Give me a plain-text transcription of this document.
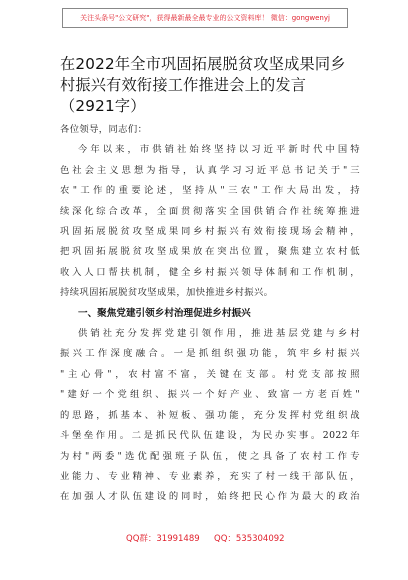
关注头条号"公文研究"，获得最新最全最专业的公文资料库！ 微信：gongwenyj
在2022年全市巩固拓展脱贫攻坚成果同乡
村振兴有效衔接工作推进会上的发言
（2921字）
各位领导，同志们：
今年以来，市供销社始终坚持以习近平新时代中国特
色社会主义思想为指导，认真学习习近平总书记关于"三
农"工作的重要论述，坚持从"三农"工作大局出发，持
续深化综合改革，全面贯彻落实全国供销合作社统筹推进
巩固拓展脱贫攻坚成果同乡村振兴有效衔接现场会精神，
把巩固拓展脱贫攻坚成果放在突出位置，聚焦建立农村低
收入人口帮扶机制，健全乡村振兴领导体制和工作机制，
持续巩固拓展脱贫攻坚成果，加快推进乡村振兴。
一、聚焦党建引领乡村治理促进乡村振兴
供销社充分发挥党建引领作用，推进基层党建与乡村
振兴工作深度融合。一是抓组织强功能，筑牢乡村振兴
"主心骨"，农村富不富，关键在支部。村党支部按照
"建好一个党组织、振兴一个好产业、致富一方老百姓"
的思路，抓基本、补短板、强功能，充分发挥村党组织战
斗堡垒作用。二是抓民代队伍建设，为民办实事。2022年
为村"两委"选优配强班子队伍，使之具备了农村工作专
业能力、专业精神、专业素养，充实了村一线干部队伍，
在加强人才队伍建设的同时，始终把民心作为最大的政治
QQ群：31991489 QQ：535304092
